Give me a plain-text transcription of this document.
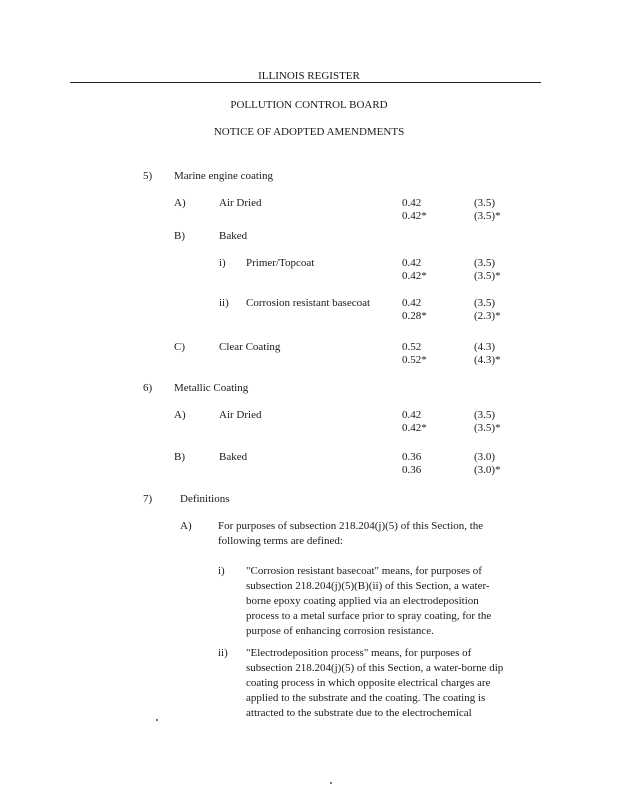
ILLINOIS REGISTER
POLLUTION CONTROL BOARD
NOTICE OF ADOPTED AMENDMENTS
5) Marine engine coating
A)	Air Dried	0.42	(3.5)
0.42*	(3.5)*
B)	Baked
i) Primer/Topcoat	0.42	(3.5)
0.42*	(3.5)*
ii) Corrosion resistant basecoat	0.42	(3.5)
0.28*	(2.3)*
C)	Clear Coating	0.52	(4.3)
0.52*	(4.3)*
6) Metallic Coating
A)	Air Dried	0.42	(3.5)
0.42*	(3.5)*
B)	Baked	0.36	(3.0)
0.36	(3.0)*
7)	Definitions
A) For purposes of subsection 218.204(j)(5) of this Section, the following terms are defined:
i) "Corrosion resistant basecoat" means, for purposes of subsection 218.204(j)(5)(B)(ii) of this Section, a water-borne epoxy coating applied via an electrodeposition process to a metal surface prior to spray coating, for the purpose of enhancing corrosion resistance.
ii) "Electrodeposition process" means, for purposes of subsection 218.204(j)(5) of this Section, a water-borne dip coating process in which opposite electrical charges are applied to the substrate and the coating. The coating is attracted to the substrate due to the electrochemical
